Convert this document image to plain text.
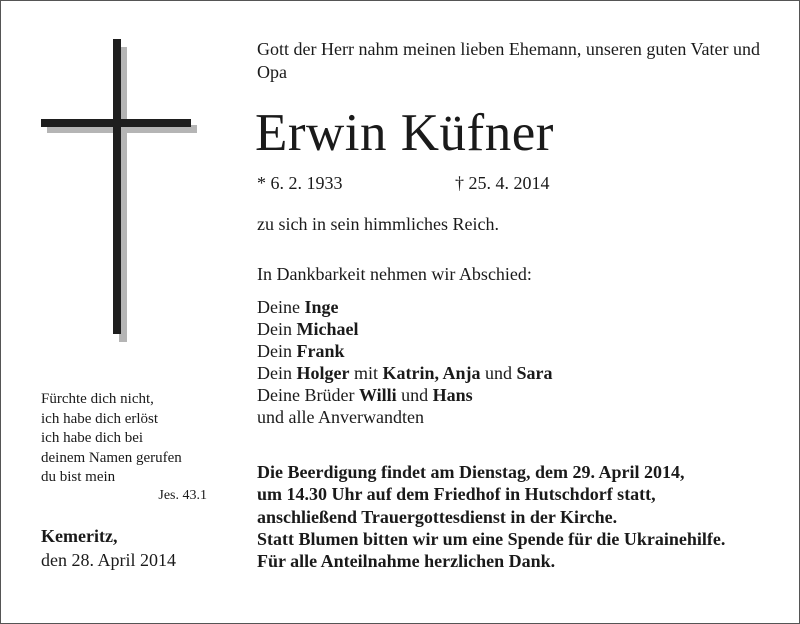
Fürchte dich nicht,
ich habe dich erlöst
ich habe dich bei
deinem Namen gerufen
du bist mein
Jes. 43.1
Kemeritz,
den 28. April 2014
Gott der Herr nahm meinen lieben Ehemann, unseren guten Vater und Opa
Erwin Küfner
* 6. 2. 1933	† 25. 4. 2014
zu sich in sein himmliches Reich.
In Dankbarkeit nehmen wir Abschied:
Deine Inge
Dein Michael
Dein Frank
Dein Holger mit Katrin, Anja und Sara
Deine Brüder Willi und Hans
und alle Anverwandten
Die Beerdigung findet am Dienstag, dem 29. April 2014,
um 14.30 Uhr auf dem Friedhof in Hutschdorf statt,
anschließend Trauergottesdienst in der Kirche.
Statt Blumen bitten wir um eine Spende für die Ukrainehilfe.
Für alle Anteilnahme herzlichen Dank.
